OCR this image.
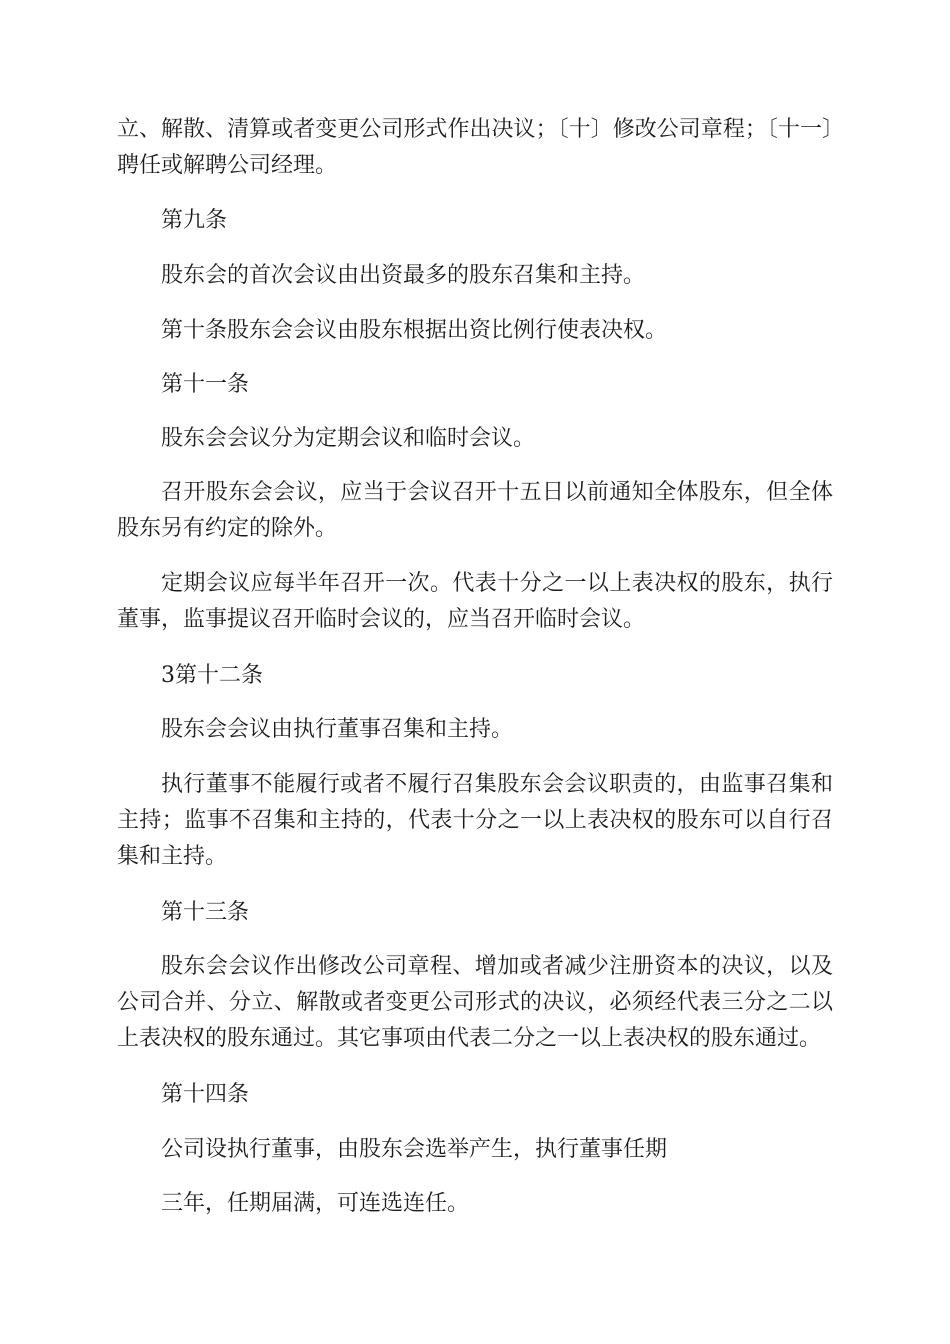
立、解散、清算或者变更公司形式作出决议；〔十〕修改公司章程；〔十一〕聘任或解聘公司经理。

第九条

股东会的首次会议由出资最多的股东召集和主持。

第十条股东会会议由股东根据出资比例行使表决权。

第十一条

股东会会议分为定期会议和临时会议。

召开股东会会议，应当于会议召开十五日以前通知全体股东，但全体股东另有约定的除外。

定期会议应每半年召开一次。代表十分之一以上表决权的股东，执行董事，监事提议召开临时会议的，应当召开临时会议。

3第十二条

股东会会议由执行董事召集和主持。

执行董事不能履行或者不履行召集股东会会议职责的，由监事召集和主持；监事不召集和主持的，代表十分之一以上表决权的股东可以自行召集和主持。

第十三条

股东会会议作出修改公司章程、增加或者减少注册资本的决议，以及公司合并、分立、解散或者变更公司形式的决议，必须经代表三分之二以上表决权的股东通过。其它事项由代表二分之一以上表决权的股东通过。

第十四条

公司设执行董事，由股东会选举产生，执行董事任期

三年，任期届满，可连选连任。
